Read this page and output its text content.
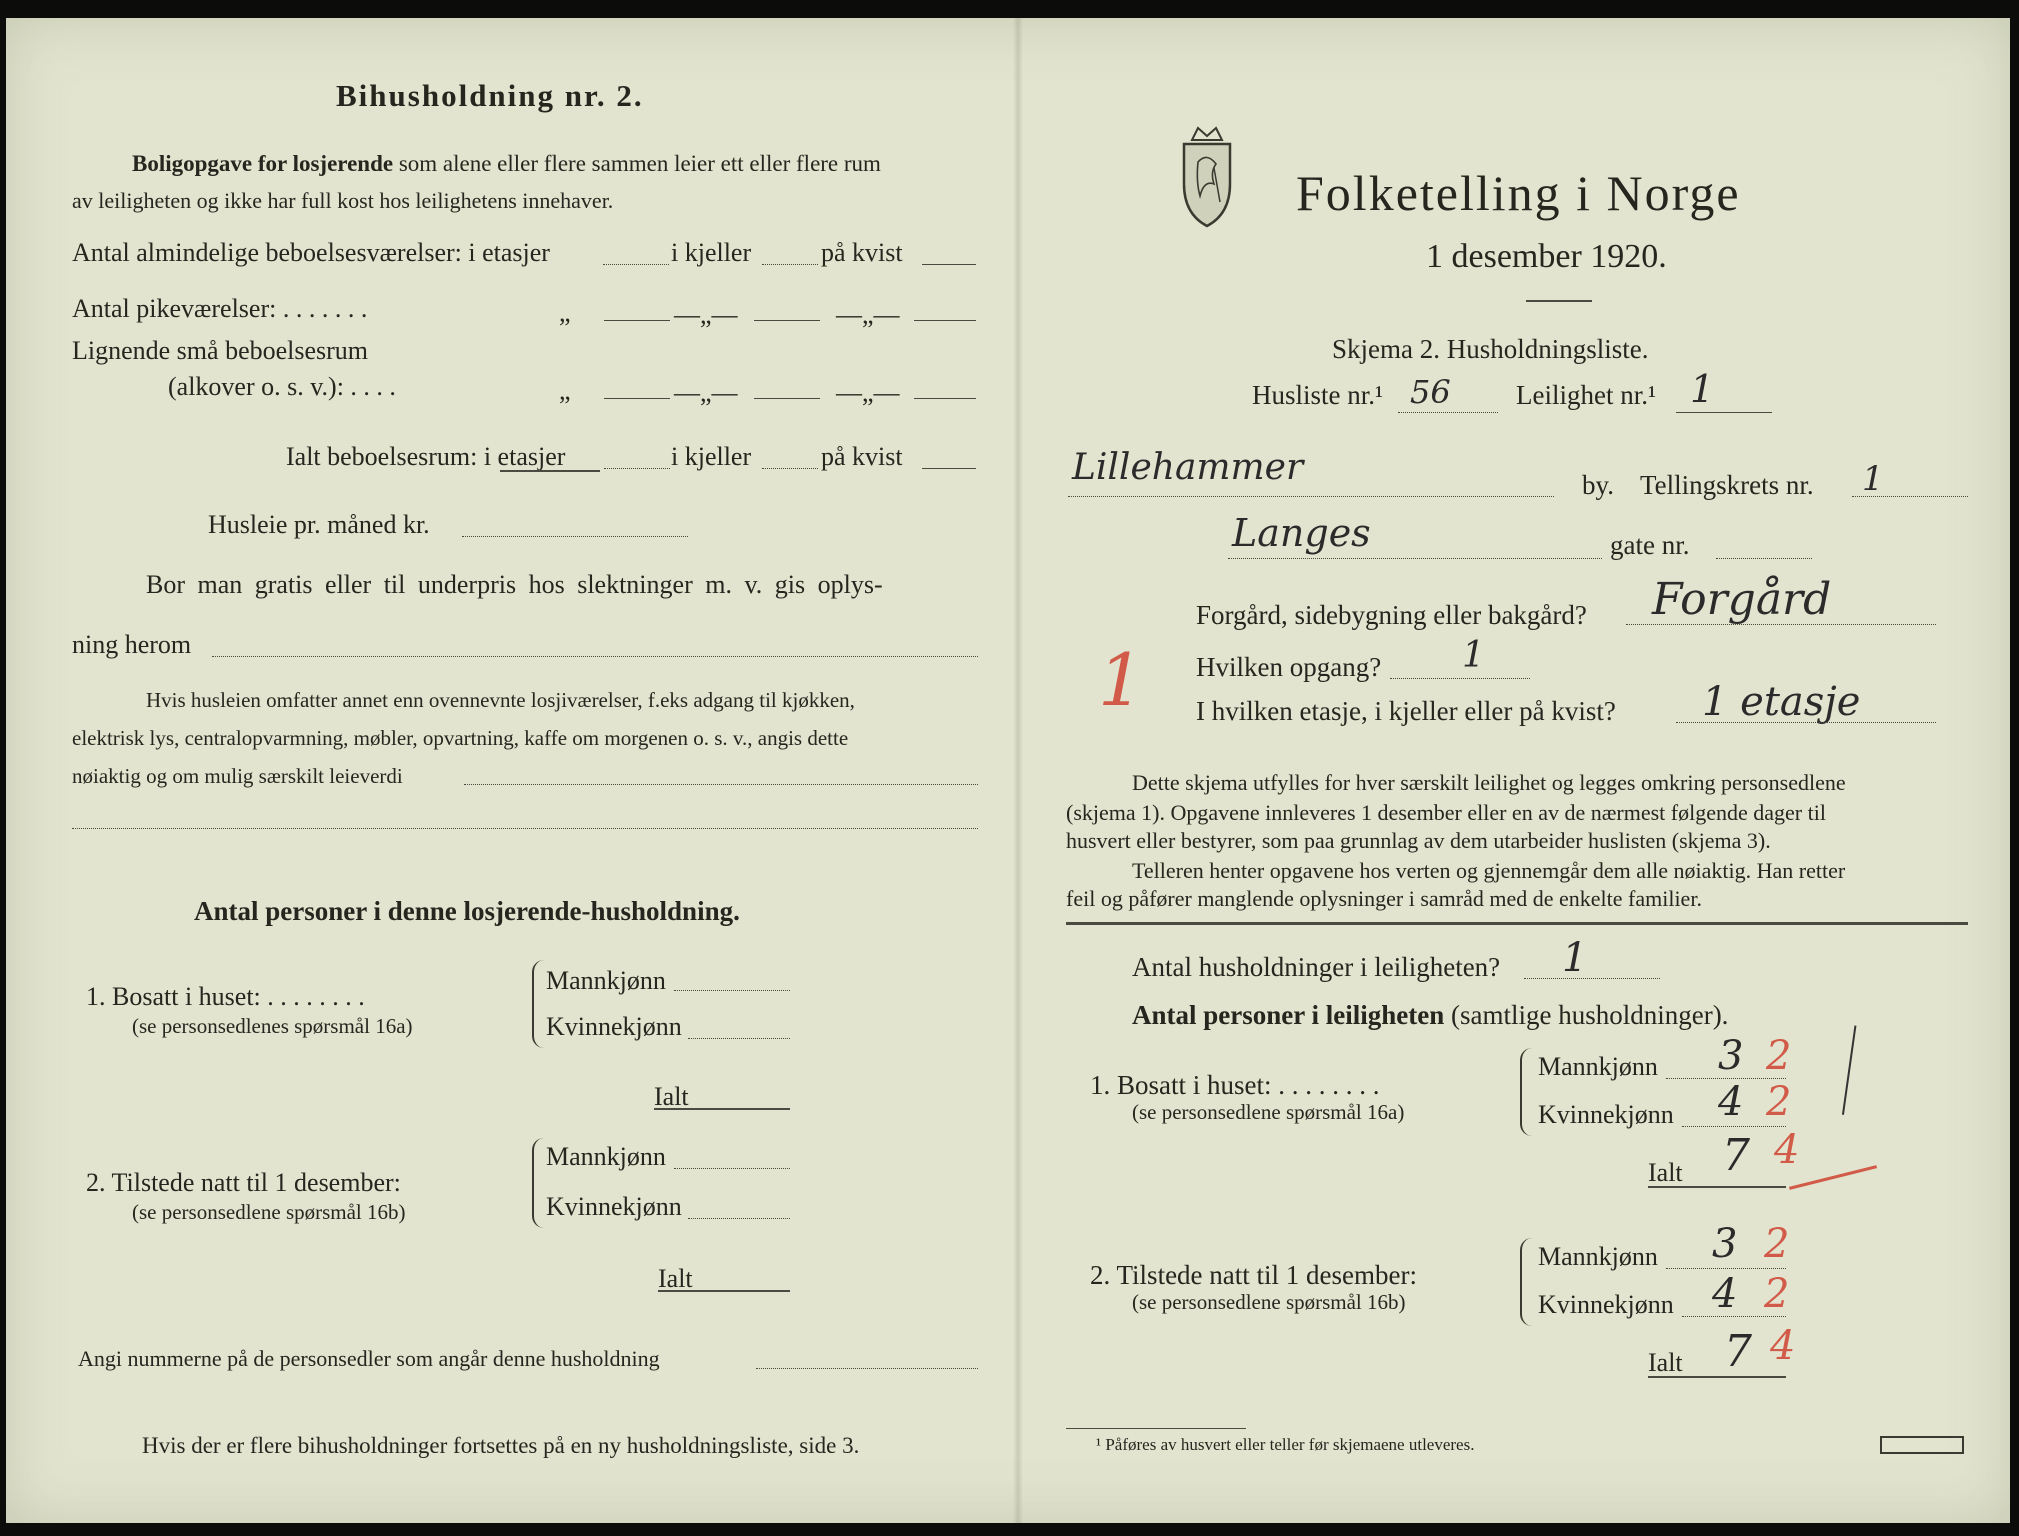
Bihusholdning nr. 2.
Boligopgave for losjerende som alene eller flere sammen leier ett eller flere rum
av leiligheten og ikke har full kost hos leilighetens innehaver.
Antal almindelige beboelsesværelser: i etasjer	i kjeller	på kvist
Antal pikeværelser: . . . . . . .	„	—„—	—„—
Lignende små beboelsesrum
(alkover o. s. v.): . . . .	„	—„—	—„—
Ialt beboelsesrum: i etasjer	i kjeller	på kvist
Husleie pr. måned kr.
Bor man gratis eller til underpris hos slektninger m. v. gis oplys-
ning herom
Hvis husleien omfatter annet enn ovennevnte losjiværelser, f.eks adgang til kjøkken,
elektrisk lys, centralopvarmning, møbler, opvartning, kaffe om morgenen o. s. v., angis dette
nøiaktig og om mulig særskilt leieverdi
Antal personer i denne losjerende-husholdning.
1. Bosatt i huset: . . . . . . . .
(se personsedlenes spørsmål 16a)
Mannkjønn
Kvinnekjønn
Ialt
2. Tilstede natt til 1 desember:
(se personsedlene spørsmål 16b)
Mannkjønn
Kvinnekjønn
Ialt
Angi nummerne på de personsedler som angår denne husholdning
Hvis der er flere bihusholdninger fortsettes på en ny husholdningsliste, side 3.
Folketelling i Norge
1 desember 1920.
Skjema 2. Husholdningsliste.
Husliste nr.¹ 56 Leilighet nr.¹ 1
Lillehammer	by. Tellingskrets nr. 1
Langes	gate nr.
Forgård, sidebygning eller bakgård? Forgård
Hvilken opgang? 1
1 I hvilken etasje, i kjeller eller på kvist? 1 etasje
Dette skjema utfylles for hver særskilt leilighet og legges omkring personsedlene
(skjema 1). Opgavene innleveres 1 desember eller en av de nærmest følgende dager til
husvert eller bestyrer, som paa grunnlag av dem utarbeider huslisten (skjema 3).
Telleren henter opgavene hos verten og gjennemgår dem alle nøiaktig. Han retter
feil og påfører manglende oplysninger i samråd med de enkelte familier.
Antal husholdninger i leiligheten? 1
Antal personer i leiligheten (samtlige husholdninger).
1. Bosatt i huset: . . . . . . . .
(se personsedlene spørsmål 16a)
Mannkjønn 3 2
Kvinnekjønn 4 2
Ialt 7 4
2. Tilstede natt til 1 desember:
(se personsedlene spørsmål 16b)
Mannkjønn 3 2
Kvinnekjønn 4 2
Ialt 7 4
¹ Påføres av husvert eller teller før skjemaene utleveres.
